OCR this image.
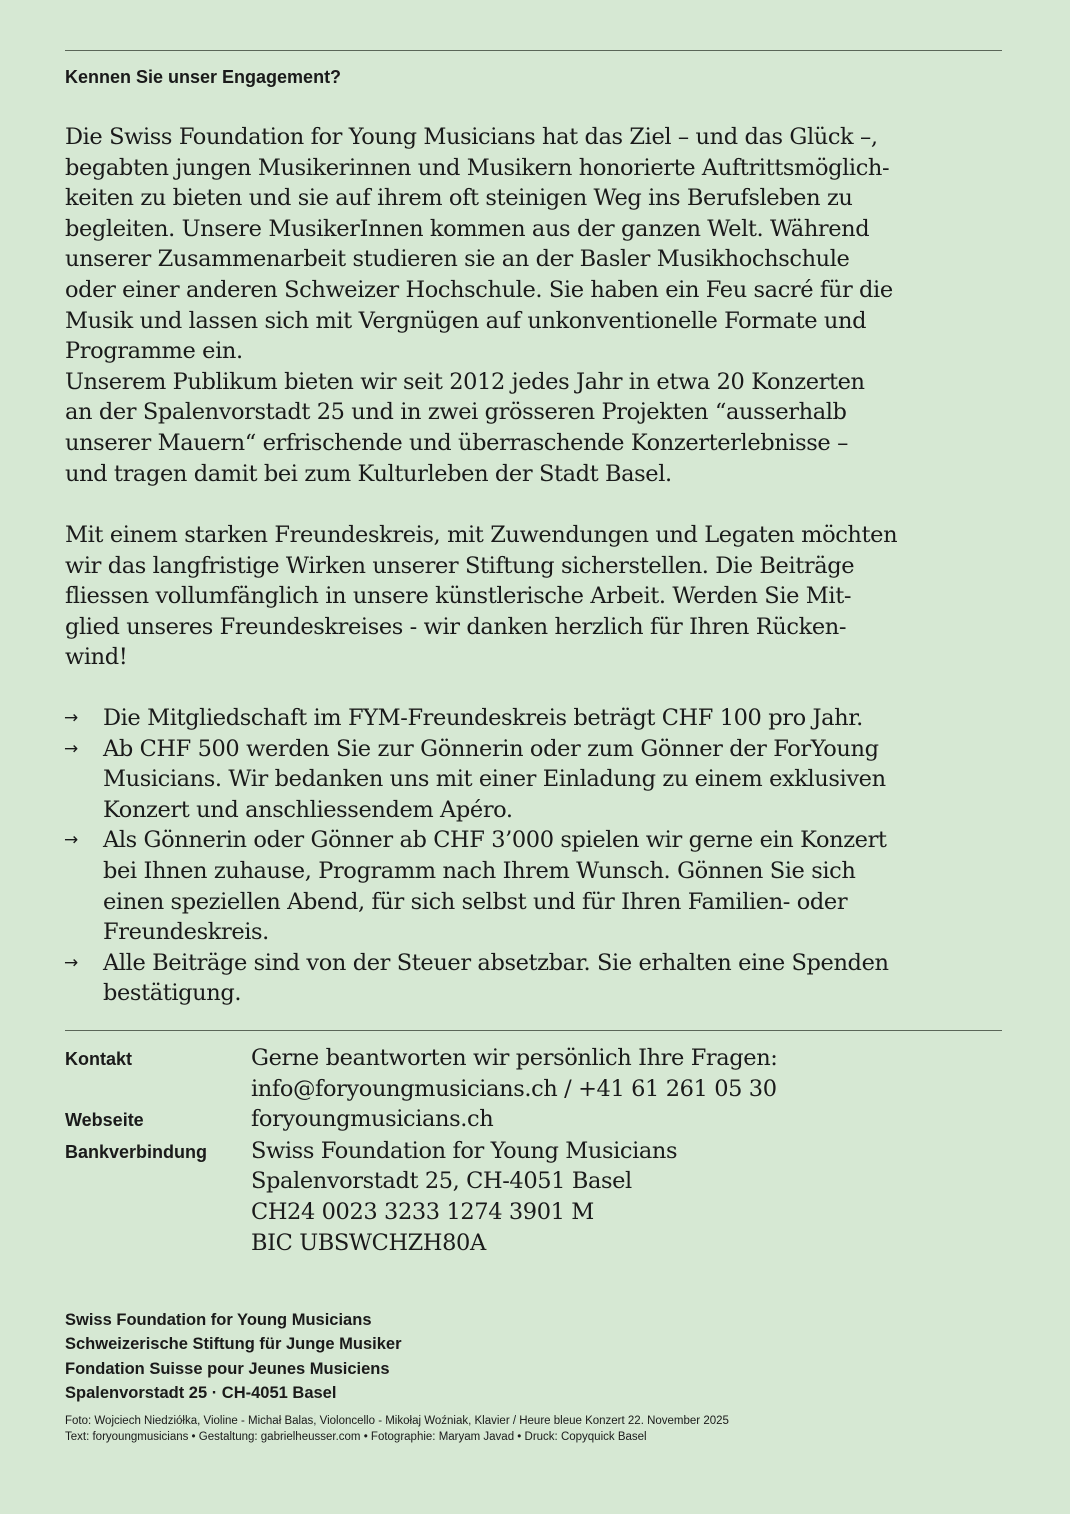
Kennen Sie unser Engagement?

Die Swiss Foundation for Young Musicians hat das Ziel – und das Glück –,
begabten jungen Musikerinnen und Musikern honorierte Auftrittsmöglich-
keiten zu bieten und sie auf ihrem oft steinigen Weg ins Berufsleben zu
begleiten. Unsere MusikerInnen kommen aus der ganzen Welt. Während
unserer Zusammenarbeit studieren sie an der Basler Musikhochschule
oder einer anderen Schweizer Hochschule. Sie haben ein Feu sacré für die
Musik und lassen sich mit Vergnügen auf unkonventionelle Formate und
Programme ein.
Unserem Publikum bieten wir seit 2012 jedes Jahr in etwa 20 Konzerten
an der Spalenvorstadt 25 und in zwei grösseren Projekten “ausserhalb
unserer Mauern“ erfrischende und überraschende Konzerterlebnisse –
und tragen damit bei zum Kulturleben der Stadt Basel.

Mit einem starken Freundeskreis, mit Zuwendungen und Legaten möchten
wir das langfristige Wirken unserer Stiftung sicherstellen. Die Beiträge
fliessen vollumfänglich in unsere künstlerische Arbeit. Werden Sie Mit-
glied unseres Freundeskreises - wir danken herzlich für Ihren Rücken-
wind!

→ Die Mitgliedschaft im FYM-Freundeskreis beträgt CHF 100 pro Jahr.
→ Ab CHF 500 werden Sie zur Gönnerin oder zum Gönner der ForYoung
Musicians. Wir bedanken uns mit einer Einladung zu einem exklusiven
Konzert und anschliessendem Apéro.
→ Als Gönnerin oder Gönner ab CHF 3’000 spielen wir gerne ein Konzert
bei Ihnen zuhause, Programm nach Ihrem Wunsch. Gönnen Sie sich
einen speziellen Abend, für sich selbst und für Ihren Familien- oder
Freundeskreis.
→ Alle Beiträge sind von der Steuer absetzbar. Sie erhalten eine Spenden
bestätigung.
Kontakt	Gerne beantworten wir persönlich Ihre Fragen:
info@foryoungmusicians.ch / +41 61 261 05 30
Webseite	foryoungmusicians.ch
Bankverbindung	Swiss Foundation for Young Musicians
Spalenvorstadt 25, CH-4051 Basel
CH24 0023 3233 1274 3901 M
BIC UBSWCHZH80A

Swiss Foundation for Young Musicians
Schweizerische Stiftung für Junge Musiker
Fondation Suisse pour Jeunes Musiciens
Spalenvorstadt 25 · CH-4051 Basel

Foto: Wojciech Niedziółka, Violine - Michał Balas, Violoncello - Mikołaj Woźniak, Klavier / Heure bleue Konzert 22. November 2025
Text: foryoungmusicians • Gestaltung: gabrielheusser.com • Fotographie: Maryam Javad • Druck: Copyquick Basel
